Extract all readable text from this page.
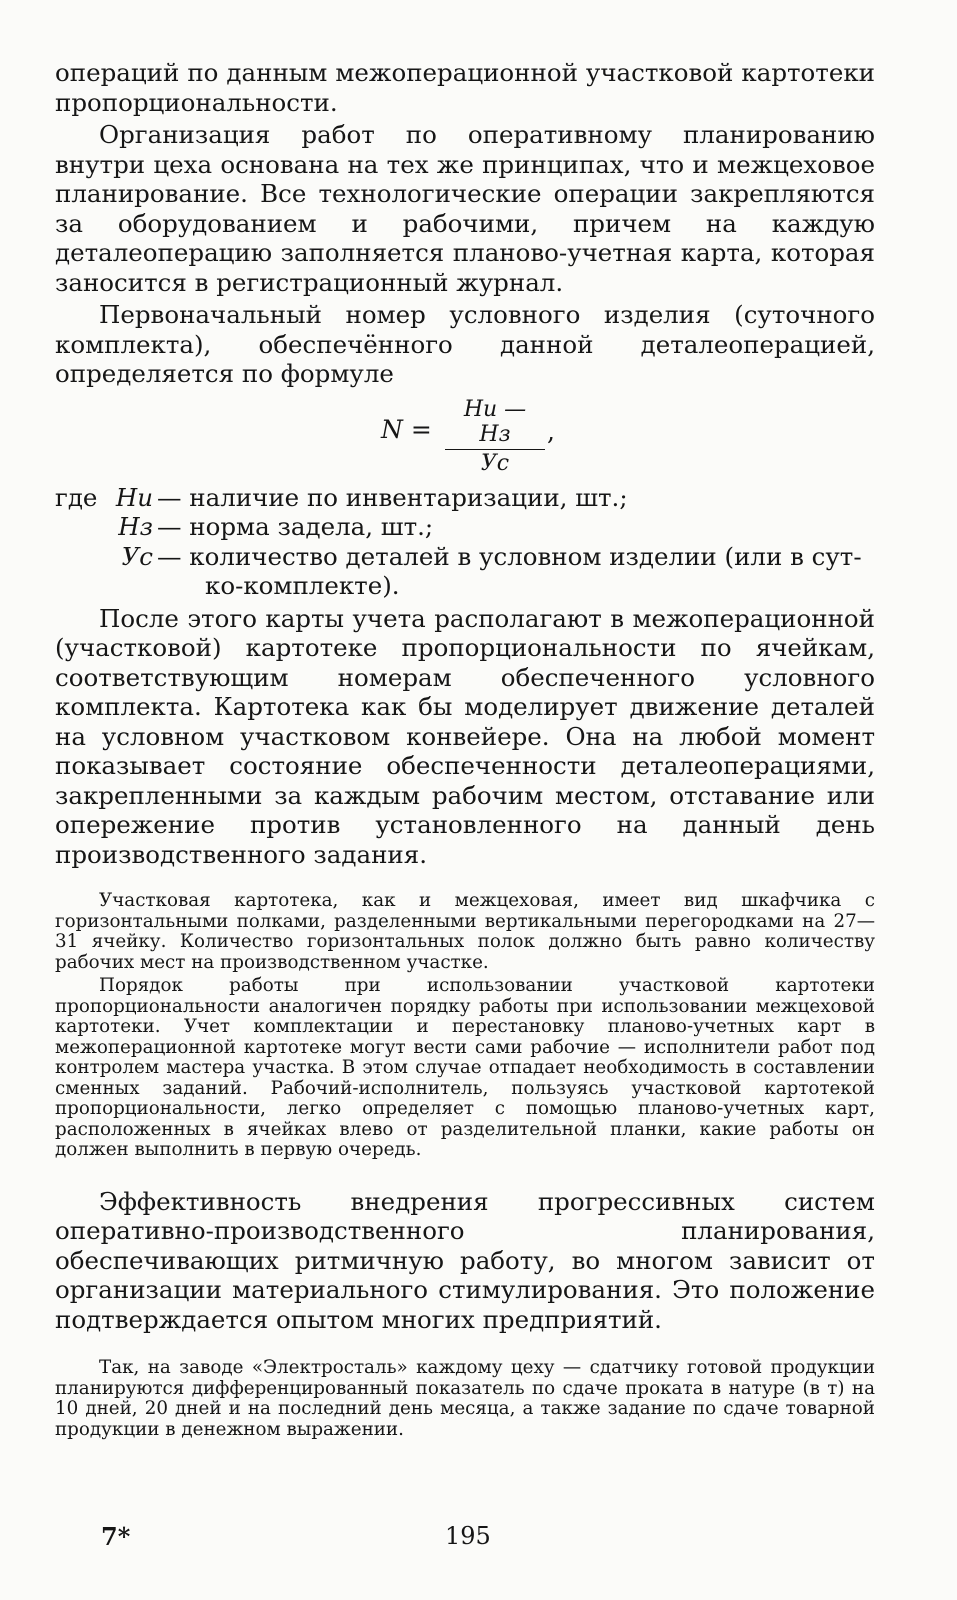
операций по данным межоперационной участковой картотеки пропорциональности.

Организация работ по оперативному планированию внутри цеха основана на тех же принципах, что и межцеховое планирование. Все технологические операции закрепляются за оборудованием и рабочими, причем на каждую деталеоперацию заполняется планово-учетная карта, которая заносится в регистрационный журнал.

Первоначальный номер условного изделия (суточного комплекта), обеспечённого данной деталеоперацией, определяется по формуле

N =
Hи — Hз
Ус
,
где Hи — наличие по инвентаризации, шт.;
Hз — норма задела, шт.;
Ус — количество деталей в условном изделии (или в сут-
ко-комплекте).

После этого карты учета располагают в межоперационной (участковой) картотеке пропорциональности по ячейкам, соответствующим номерам обеспеченного условного комплекта. Картотека как бы моделирует движение деталей на условном участковом конвейере. Она на любой момент показывает состояние обеспеченности деталеоперациями, закрепленными за каждым рабочим местом, отставание или опережение против установленного на данный день производственного задания.

Участковая картотека, как и межцеховая, имеет вид шкафчика с горизонтальными полками, разделенными вертикальными перегородками на 27—31 ячейку. Количество горизонтальных полок должно быть равно количеству рабочих мест на производственном участке.

Порядок работы при использовании участковой картотеки пропорциональности аналогичен порядку работы при использовании межцеховой картотеки. Учет комплектации и перестановку планово-учетных карт в межоперационной картотеке могут вести сами рабочие — исполнители работ под контролем мастера участка. В этом случае отпадает необходимость в составлении сменных заданий. Рабочий-исполнитель, пользуясь участковой картотекой пропорциональности, легко определяет с помощью планово-учетных карт, расположенных в ячейках влево от разделительной планки, какие работы он должен выполнить в первую очередь.

Эффективность внедрения прогрессивных систем оперативно-производственного планирования, обеспечивающих ритмичную работу, во многом зависит от организации материального стимулирования. Это положение подтверждается опытом многих предприятий.

Так, на заводе «Электросталь» каждому цеху — сдатчику готовой продукции планируются дифференцированный показатель по сдаче проката в натуре (в т) на 10 дней, 20 дней и на последний день месяца, а также задание по сдаче товарной продукции в денежном выражении.

7*	195
